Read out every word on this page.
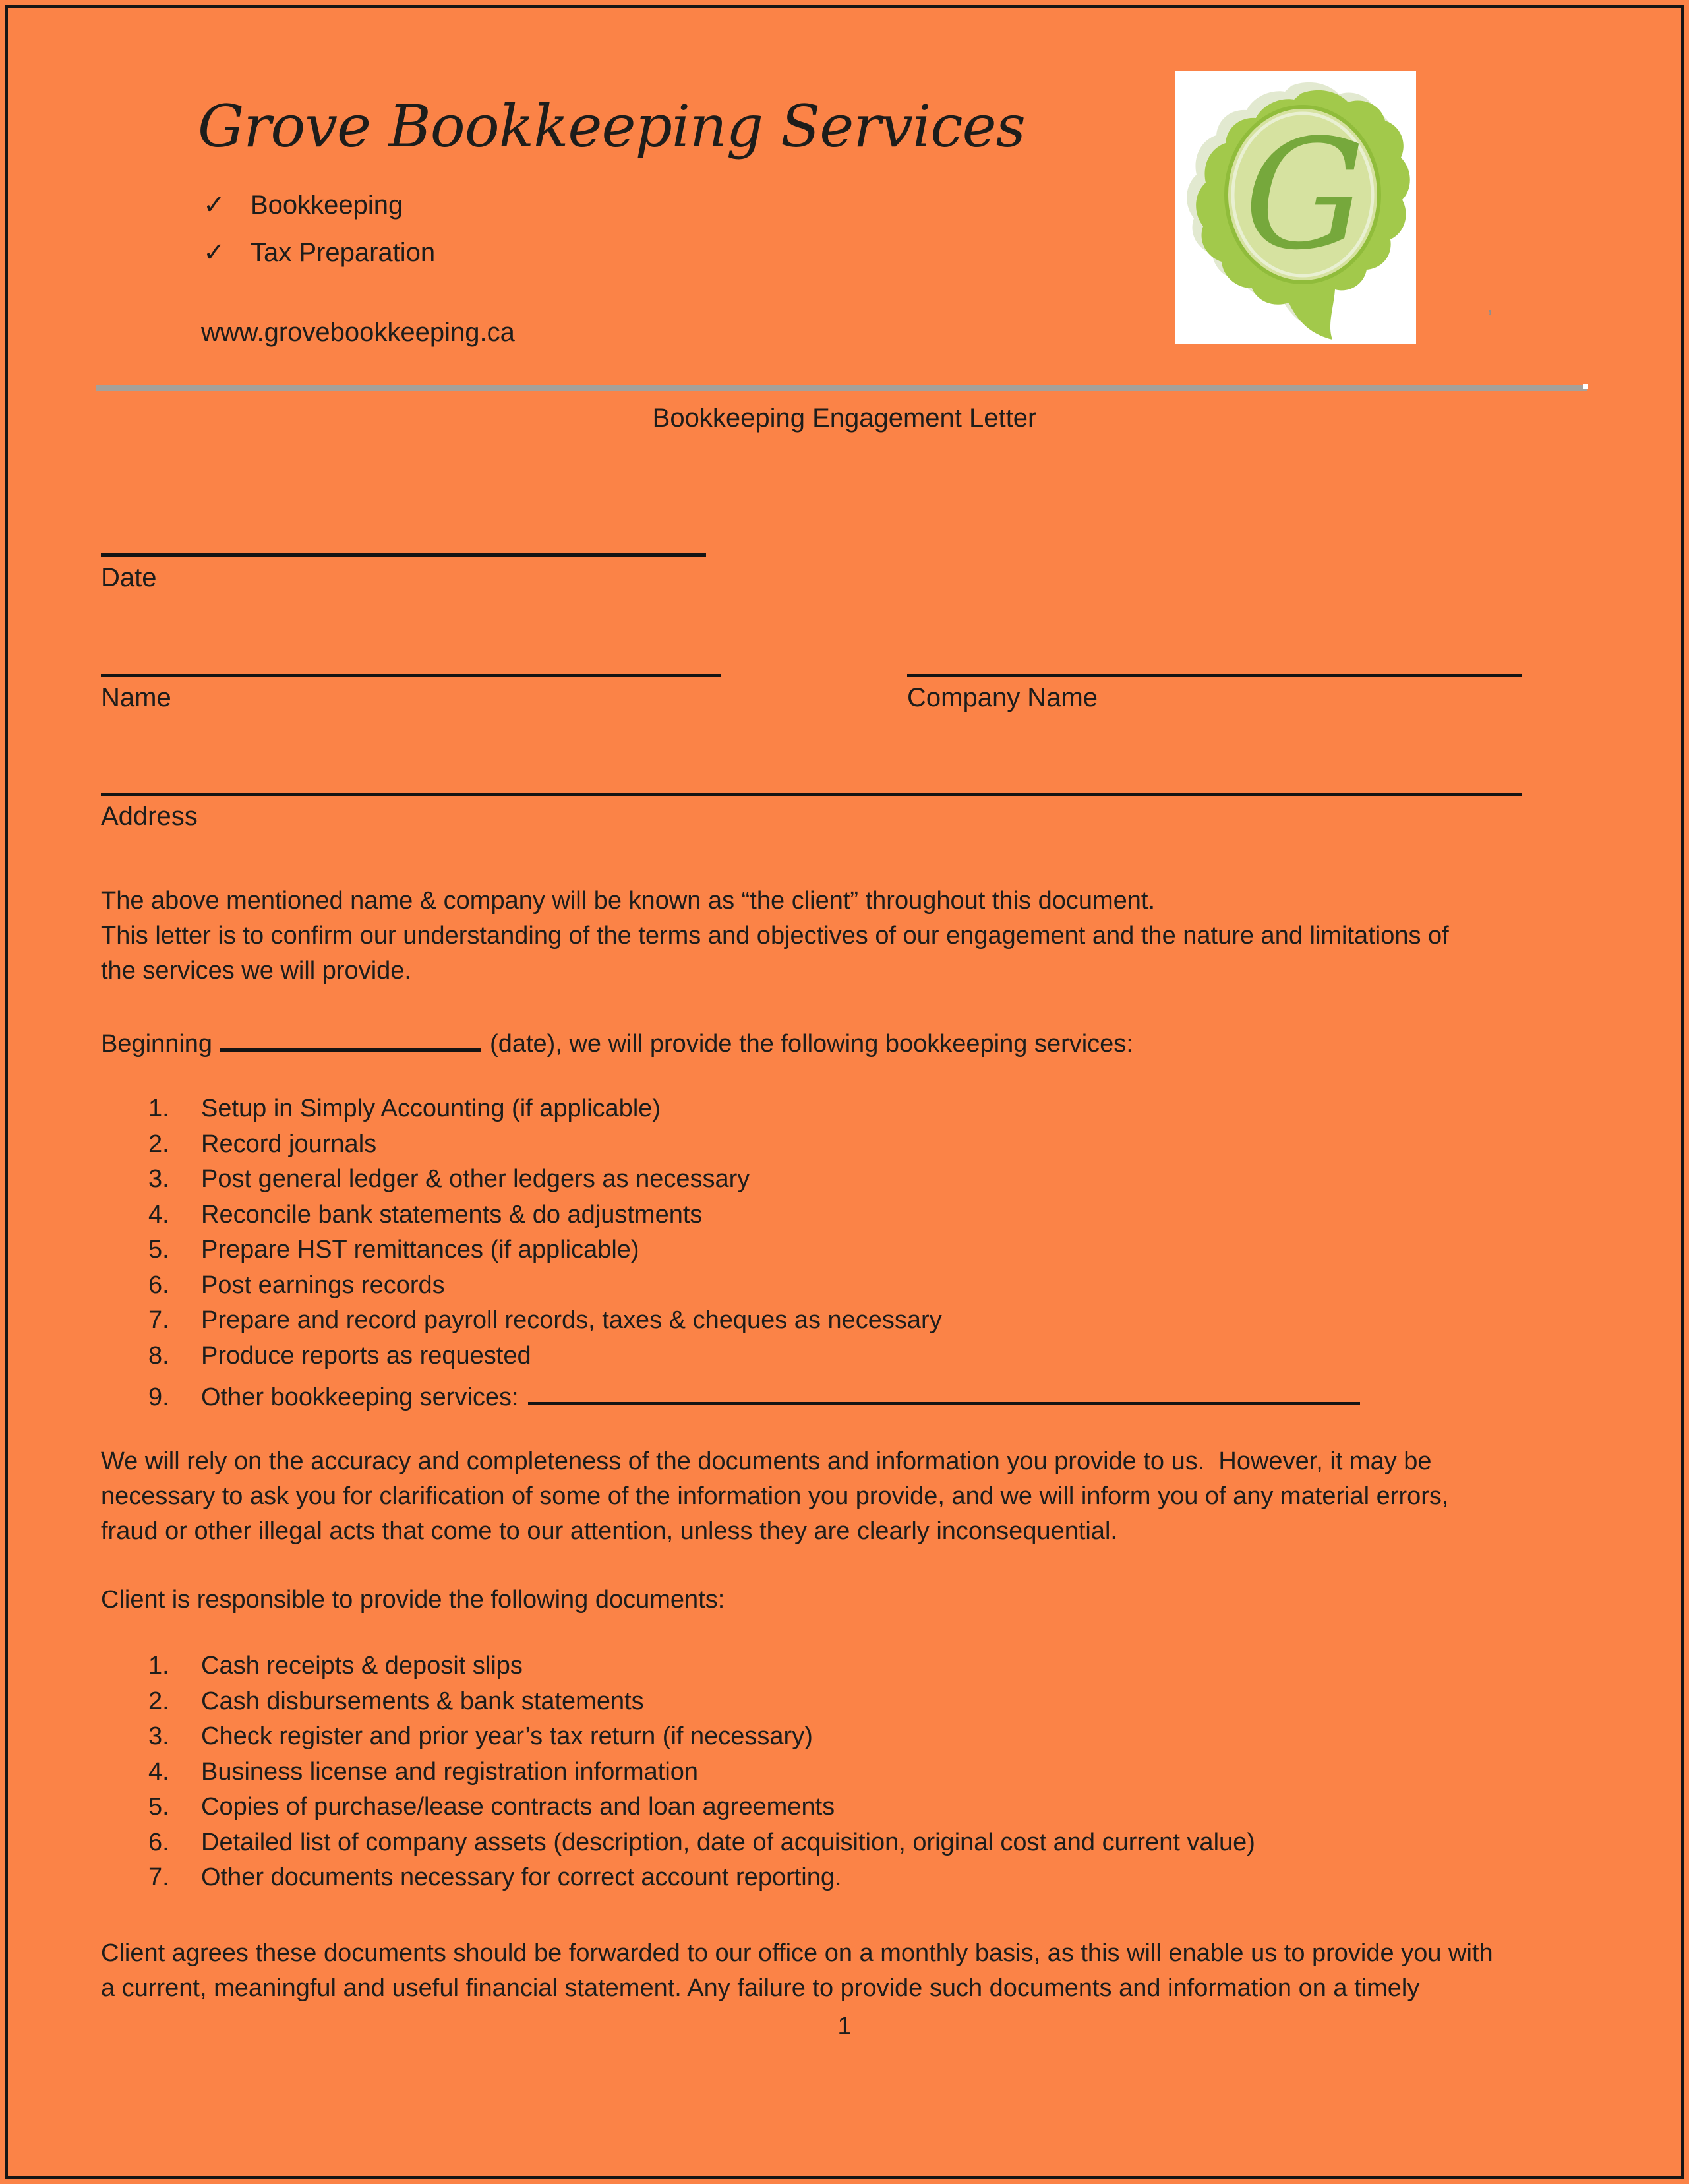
Grove Bookkeeping Services
✓ Bookkeeping
✓ Tax Preparation
www.grovebookkeeping.ca
G
’
Bookkeeping Engagement Letter
Date
Name	Company Name
Address
The above mentioned name & company will be known as “the client” throughout this document.
This letter is to confirm our understanding of the terms and objectives of our engagement and the nature and limitations of
the services we will provide.
Beginning	(date), we will provide the following bookkeeping services:
1.	Setup in Simply Accounting (if applicable)
2.	Record journals
3.	Post general ledger & other ledgers as necessary
4.	Reconcile bank statements & do adjustments
5.	Prepare HST remittances (if applicable)
6.	Post earnings records
7.	Prepare and record payroll records, taxes & cheques as necessary
8.	Produce reports as requested
9.	Other bookkeeping services:
We will rely on the accuracy and completeness of the documents and information you provide to us.  However, it may be
necessary to ask you for clarification of some of the information you provide, and we will inform you of any material errors,
fraud or other illegal acts that come to our attention, unless they are clearly inconsequential.
Client is responsible to provide the following documents:
1.	Cash receipts & deposit slips
2.	Cash disbursements & bank statements
3.	Check register and prior year’s tax return (if necessary)
4.	Business license and registration information
5.	Copies of purchase/lease contracts and loan agreements
6.	Detailed list of company assets (description, date of acquisition, original cost and current value)
7.	Other documents necessary for correct account reporting.
Client agrees these documents should be forwarded to our office on a monthly basis, as this will enable us to provide you with
a current, meaningful and useful financial statement. Any failure to provide such documents and information on a timely
1
